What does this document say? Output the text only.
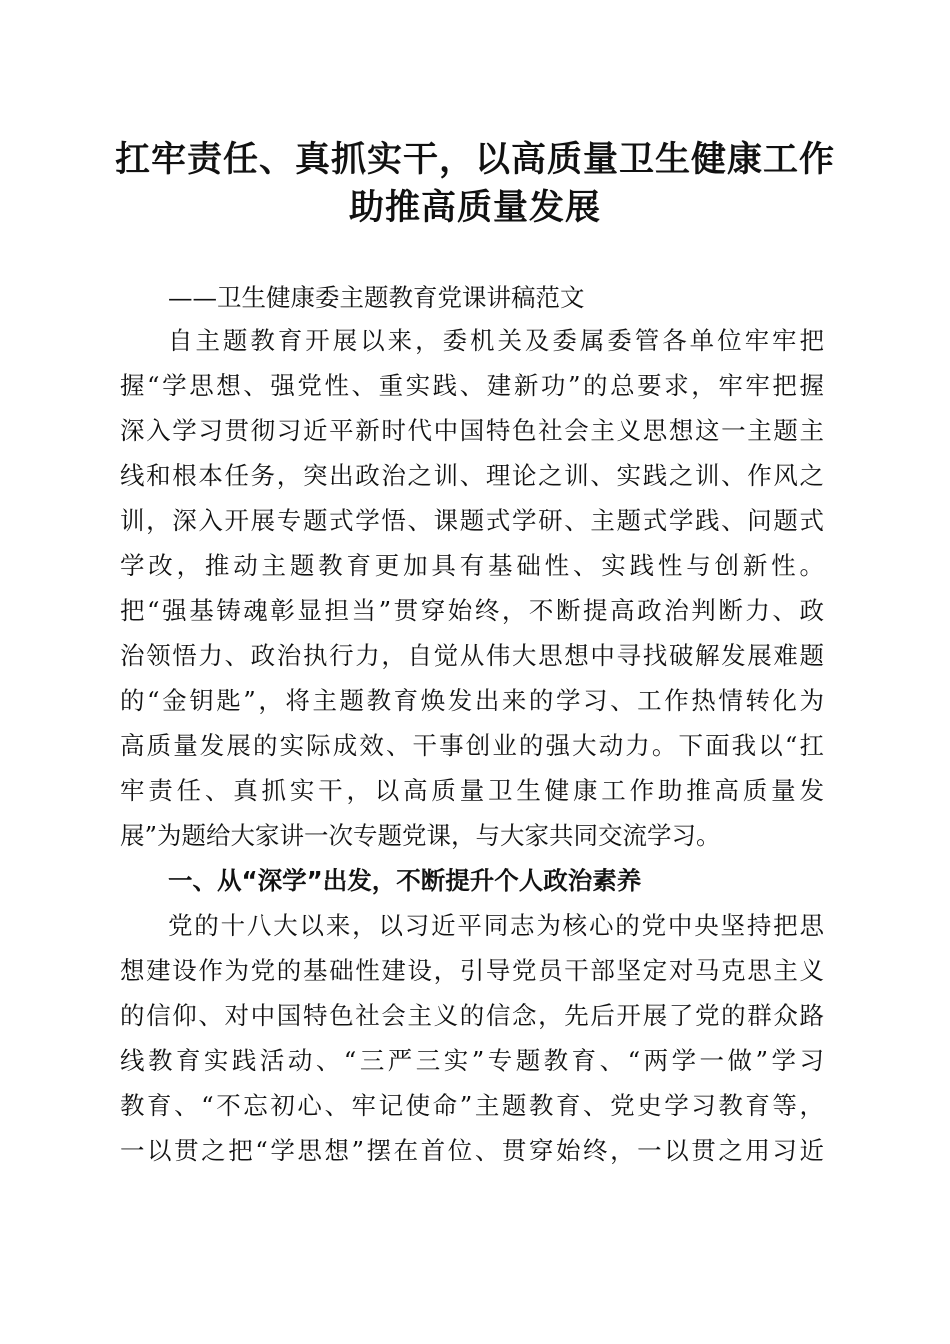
扛牢责任、真抓实干，以高质量卫生健康工作
助推高质量发展
——卫生健康委主题教育党课讲稿范文
自主题教育开展以来，委机关及委属委管各单位牢牢把
握“学思想、强党性、重实践、建新功”的总要求，牢牢把握
深入学习贯彻习近平新时代中国特色社会主义思想这一主题主
线和根本任务，突出政治之训、理论之训、实践之训、作风之
训，深入开展专题式学悟、课题式学研、主题式学践、问题式
学改，推动主题教育更加具有基础性、实践性与创新性。
把“强基铸魂彰显担当”贯穿始终，不断提高政治判断力、政
治领悟力、政治执行力，自觉从伟大思想中寻找破解发展难题
的“金钥匙”，将主题教育焕发出来的学习、工作热情转化为
高质量发展的实际成效、干事创业的强大动力。下面我以“扛
牢责任、真抓实干，以高质量卫生健康工作助推高质量发
展”为题给大家讲一次专题党课，与大家共同交流学习。
一、从“深学”出发，不断提升个人政治素养
党的十八大以来，以习近平同志为核心的党中央坚持把思
想建设作为党的基础性建设，引导党员干部坚定对马克思主义
的信仰、对中国特色社会主义的信念，先后开展了党的群众路
线教育实践活动、“三严三实”专题教育、“两学一做”学习
教育、“不忘初心、牢记使命”主题教育、党史学习教育等，
一以贯之把“学思想”摆在首位、贯穿始终，一以贯之用习近
